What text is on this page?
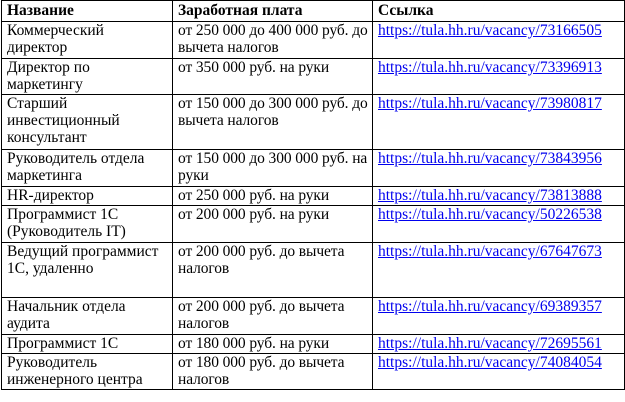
Название	Заработная плата	Ссылка
Коммерческий директор	от 250 000 до 400 000 руб. до вычета налогов	https://tula.hh.ru/vacancy/73166505
Директор по маркетингу	от 350 000 руб. на руки	https://tula.hh.ru/vacancy/73396913
Старший инвестиционный консультант	от 150 000 до 300 000 руб. до вычета налогов	https://tula.hh.ru/vacancy/73980817
Руководитель отдела маркетинга	от 150 000 до 300 000 руб. на руки	https://tula.hh.ru/vacancy/73843956
HR-директор	от 250 000 руб. на руки	https://tula.hh.ru/vacancy/73813888
Программист 1С (Руководитель IT)	от 200 000 руб. на руки	https://tula.hh.ru/vacancy/50226538
Ведущий программист 1С, удаленно	от 200 000 руб. до вычета налогов	https://tula.hh.ru/vacancy/67647673
Начальник отдела аудита	от 200 000 руб. до вычета налогов	https://tula.hh.ru/vacancy/69389357
Программист 1С	от 180 000 руб. на руки	https://tula.hh.ru/vacancy/72695561
Руководитель инженерного центра	от 180 000 руб. до вычета налогов	https://tula.hh.ru/vacancy/74084054
